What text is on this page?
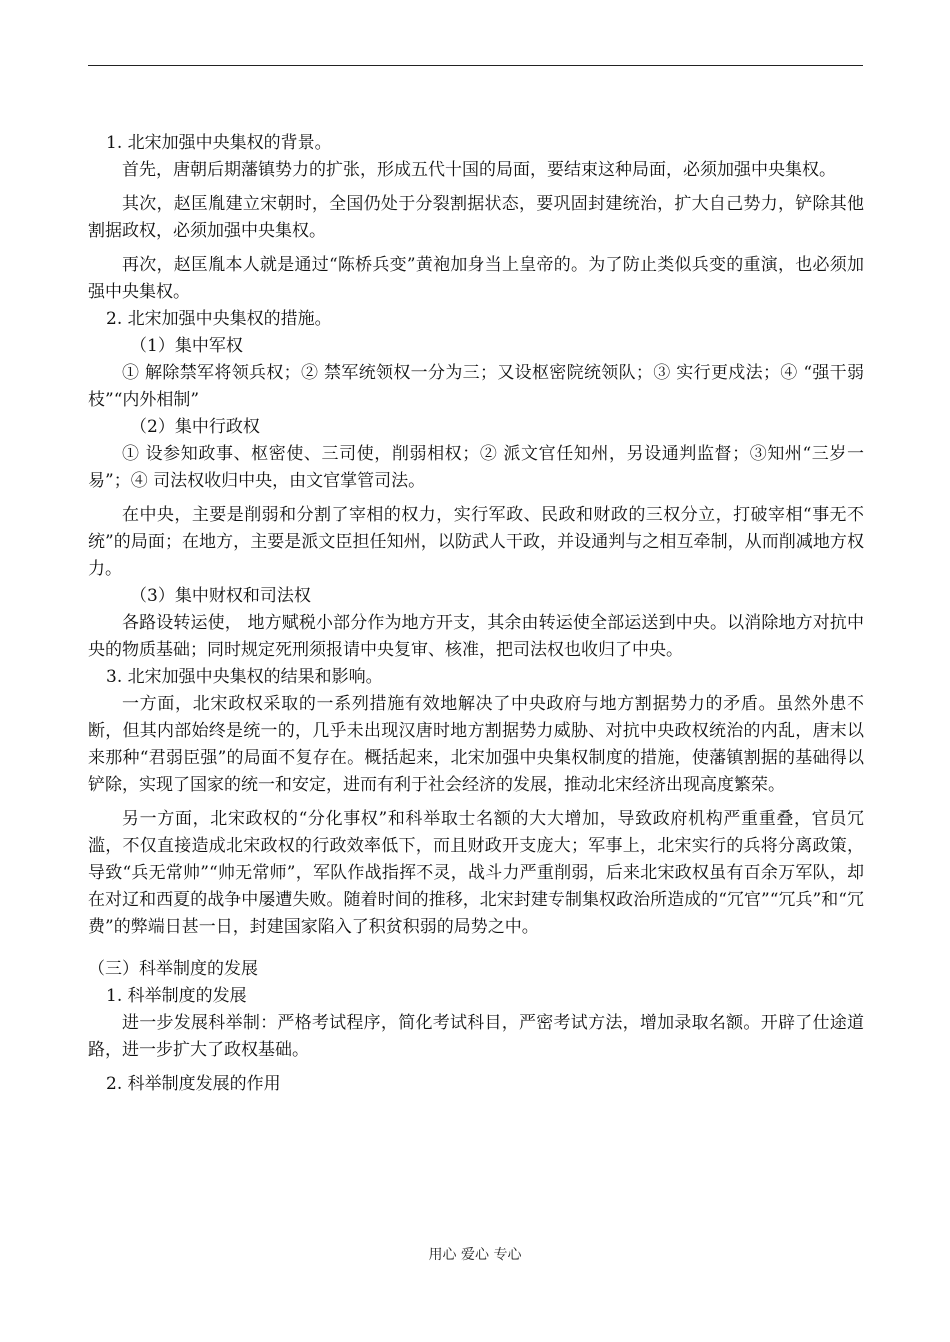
1. 北宋加强中央集权的背景。

首先，唐朝后期藩镇势力的扩张，形成五代十国的局面，要结束这种局面，必须加强中央集权。

其次，赵匡胤建立宋朝时，全国仍处于分裂割据状态，要巩固封建统治，扩大自己势力，铲除其他割据政权，必须加强中央集权。

再次，赵匡胤本人就是通过“陈桥兵变”黄袍加身当上皇帝的。为了防止类似兵变的重演，也必须加强中央集权。

2. 北宋加强中央集权的措施。

（1）集中军权

① 解除禁军将领兵权；② 禁军统领权一分为三；又设枢密院统领队；③ 实行更戍法；④ “强干弱枝”“内外相制”

（2）集中行政权

① 设参知政事、枢密使、三司使，削弱相权；② 派文官任知州，另设通判监督；③知州“三岁一易”；④ 司法权收归中央，由文官掌管司法。

在中央，主要是削弱和分割了宰相的权力，实行军政、民政和财政的三权分立，打破宰相“事无不统”的局面；在地方，主要是派文臣担任知州，以防武人干政，并设通判与之相互牵制，从而削减地方权力。

（3）集中财权和司法权

各路设转运使， 地方赋税小部分作为地方开支，其余由转运使全部运送到中央。以消除地方对抗中央的物质基础；同时规定死刑须报请中央复审、核准，把司法权也收归了中央。

3. 北宋加强中央集权的结果和影响。

一方面，北宋政权采取的一系列措施有效地解决了中央政府与地方割据势力的矛盾。虽然外患不断，但其内部始终是统一的，几乎未出现汉唐时地方割据势力威胁、对抗中央政权统治的内乱，唐末以来那种“君弱臣强”的局面不复存在。概括起来，北宋加强中央集权制度的措施，使藩镇割据的基础得以铲除，实现了国家的统一和安定，进而有利于社会经济的发展，推动北宋经济出现高度繁荣。

另一方面，北宋政权的“分化事权”和科举取士名额的大大增加，导致政府机构严重重叠，官员冗滥，不仅直接造成北宋政权的行政效率低下，而且财政开支庞大；军事上，北宋实行的兵将分离政策，导致“兵无常帅”“帅无常师”，军队作战指挥不灵，战斗力严重削弱，后来北宋政权虽有百余万军队，却在对辽和西夏的战争中屡遭失败。随着时间的推移，北宋封建专制集权政治所造成的“冗官”“冗兵”和“冗费”的弊端日甚一日，封建国家陷入了积贫积弱的局势之中。

（三）科举制度的发展

1. 科举制度的发展

进一步发展科举制：严格考试程序，简化考试科目，严密考试方法，增加录取名额。开辟了仕途道路，进一步扩大了政权基础。

2. 科举制度发展的作用

用心 爱心 专心
